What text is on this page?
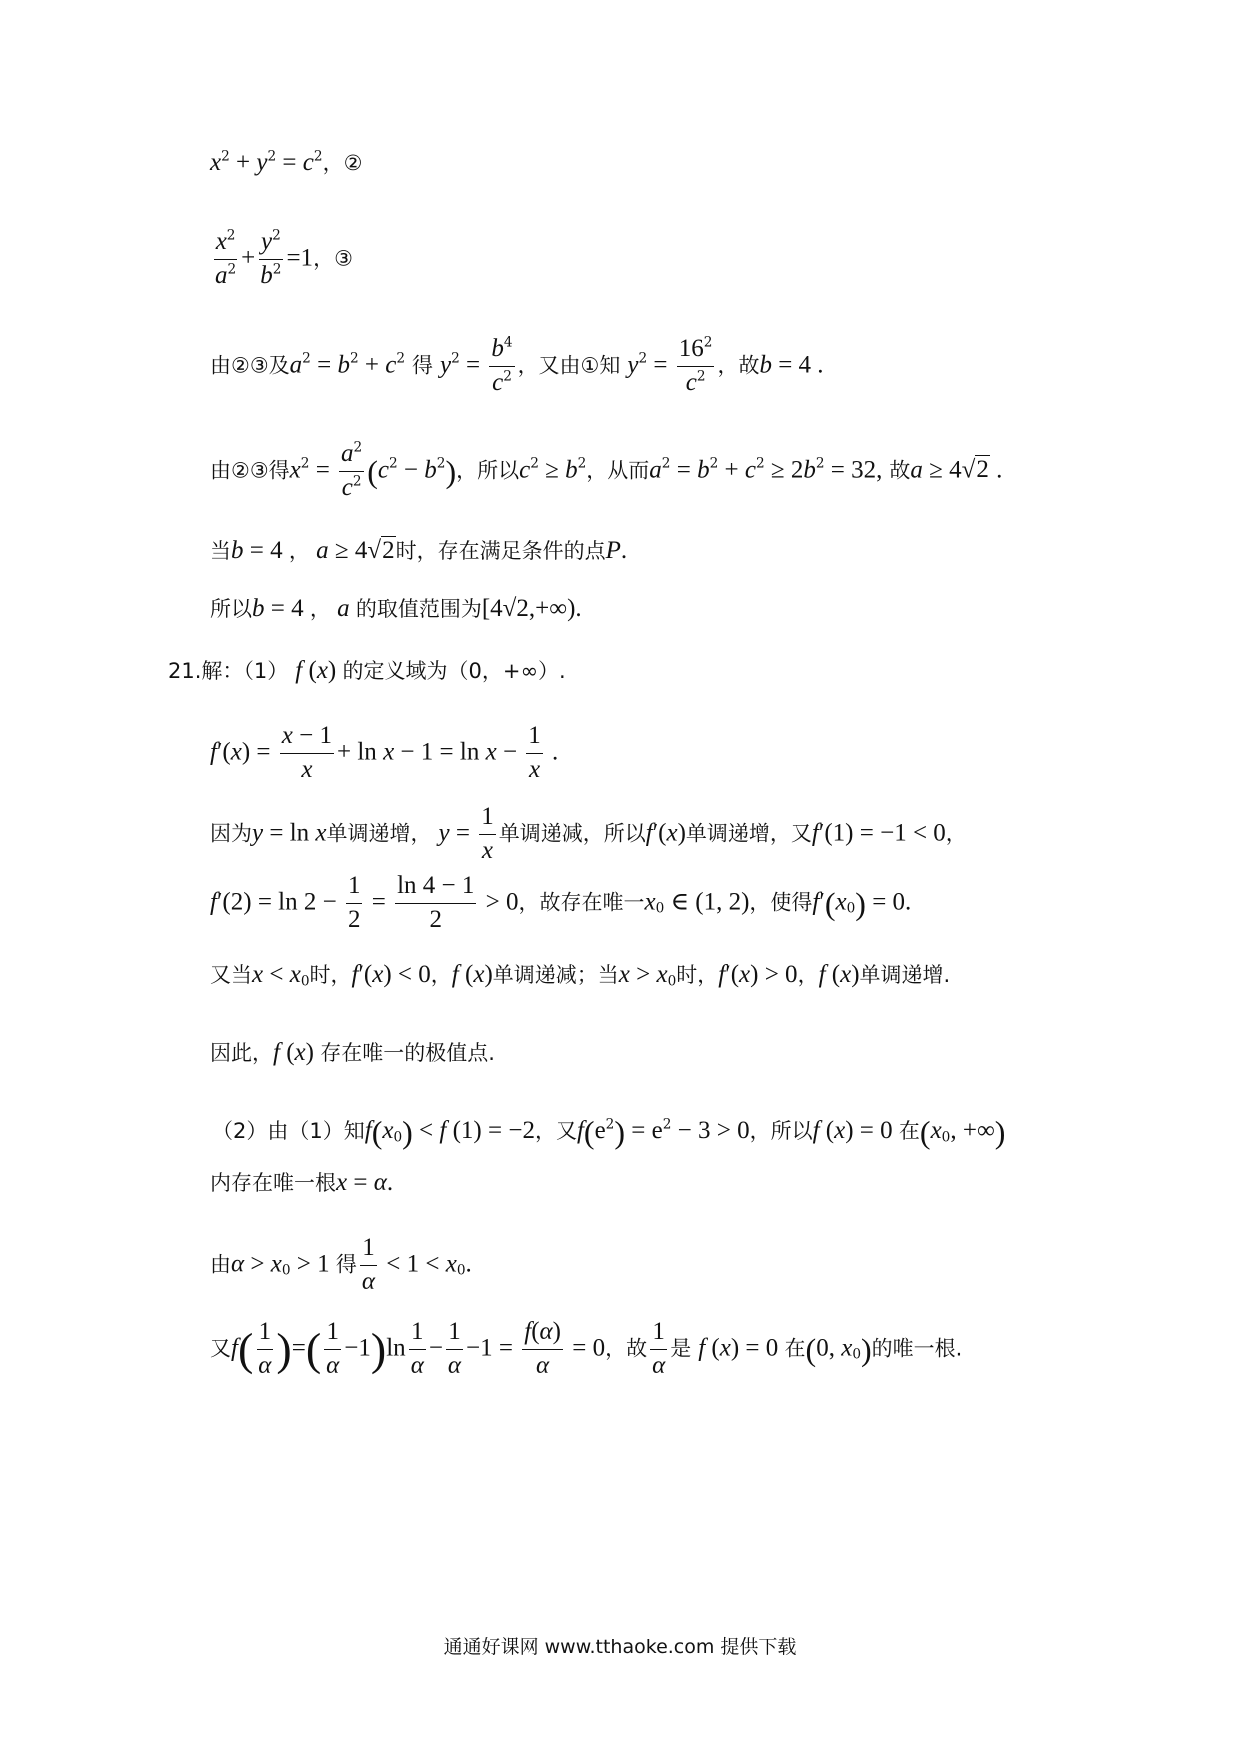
$x^2 + y^2 = c^2$，②
$\frac{x^2}{a^2} + \frac{y^2}{b^2} =1$，③
由②③及$a^2 = b^2 + c^2$ 得 $y^2 = \frac{b^4}{c^2}$ ，又由①知 $y^2 = \frac{16^2}{c^2}$ ，故b = 4 .
由②③得$x^2 = \frac{a^2}{c^2} (c^2 - b^2)$，所以$c^2 \ge b^2$，从而$a^2 = b^2 + c^2 \ge 2b^2 = 32$, 故a ≥ 4√2 .
当b = 4 ， a ≥ 4√2时，存在满足条件的点P.
所以b = 4 ， a 的取值范围为[4√2,+∞).
21.解：（1） f (x) 的定义域为（0，+∞）.
$f'(x) = \frac{x - 1}{x} + \ln x - 1 = \ln x - \frac{1}{x}$ .
因为y = ln x单调递增， $y = \frac{1}{x}$ 单调递减，所以f′(x)单调递增，又f′(1) = −1 < 0，
$f'(2) = \ln 2 - \frac{1}{2} = \frac{\ln 4 - 1}{2} > 0$，故存在唯一$x_0$ ∈ (1, 2)，使得$f'(x_0) = 0$.
又当$x < x_0$时，f′(x) < 0，f (x)单调递减；当$x > x_0$时，f′(x) > 0，f (x)单调递增.
因此，f (x) 存在唯一的极值点.
（2）由（1）知$f(x_0) < f$ (1) = −2，又$f(e^2) = e^2 - 3 > 0$，所以f (x) = 0 在($x_0$, +∞)
内存在唯一根x = α.
由$\alpha > x_0 > 1$ 得 $\frac{1}{\alpha} < 1 < x_0$.
又$f( \frac{1}{\alpha}$ )=( $\frac{1}{\alpha} -1)\ln \frac{1}{\alpha} - \frac{1}{\alpha} -1 = \frac{f(\alpha)}{\alpha} = 0$，故 $\frac{1}{\alpha}$ 是 f (x) = 0 在(0, $x_0$)的唯一根.
通通好课网 www.tthaoke.com 提供下载
